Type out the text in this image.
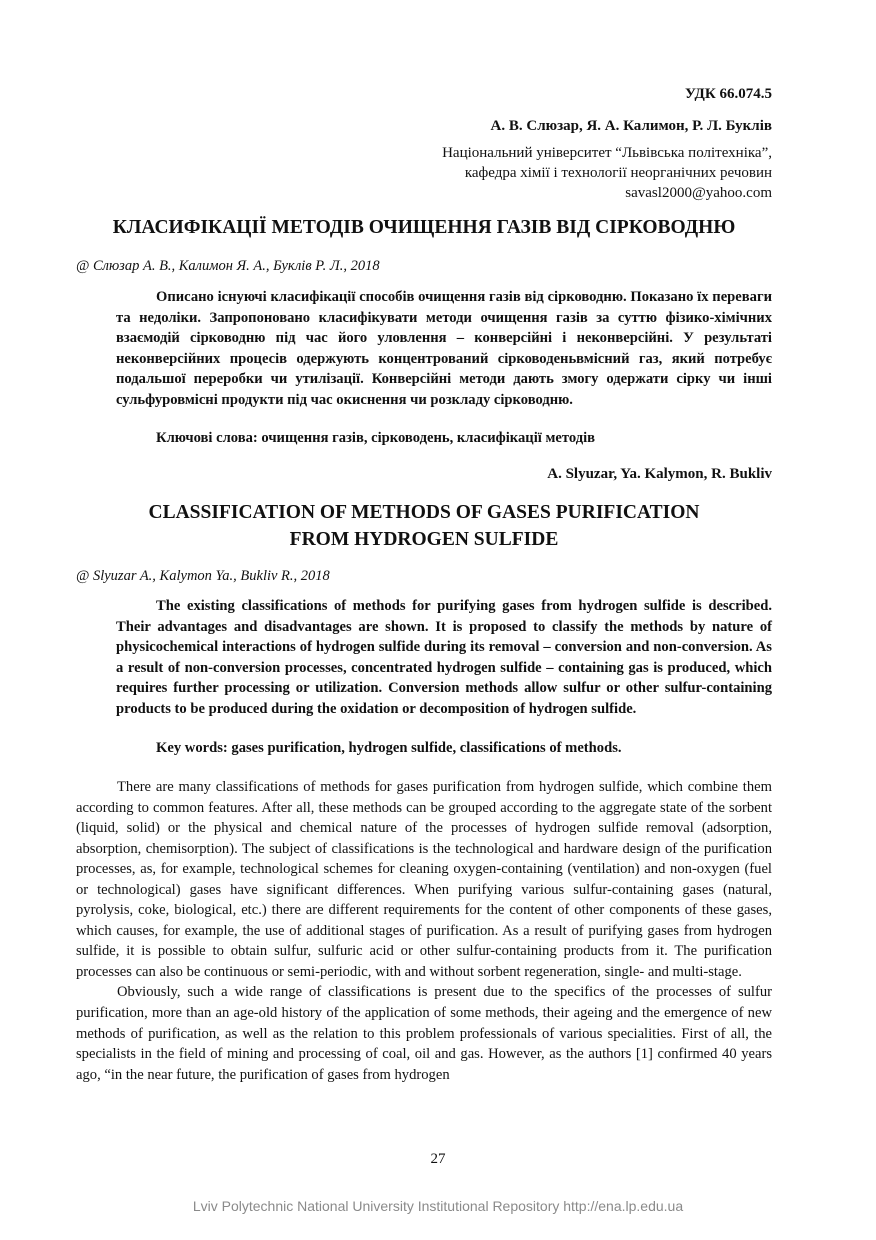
УДК 66.074.5
А. В. Слюзар, Я. А. Калимон, Р. Л. Буклів
Національний університет “Львівська політехніка”,
кафедра хімії і технології неорганічних речовин
savasl2000@yahoo.com
КЛАСИФІКАЦІЇ МЕТОДІВ ОЧИЩЕННЯ ГАЗІВ ВІД СІРКОВОДНЮ
@ Слюзар А. В., Калимон Я. А., Буклів Р. Л., 2018
Описано існуючі класифікації способів очищення газів від сірководню. Показано їх переваги та недоліки. Запропоновано класифікувати методи очищення газів за суттю фізико-хімічних взаємодій сірководню під час його уловлення – конверсійні і неконверсійні. У результаті неконверсійних процесів одержують концентрований сірководеньвмісний газ, який потребує подальшої переробки чи утилізації. Конверсійні методи дають змогу одержати сірку чи інші сульфуровмісні продукти під час окиснення чи розкладу сірководню.
Ключові слова: очищення газів, сірководень, класифікації методів
A. Slyuzar, Ya. Kalymon, R. Bukliv
CLASSIFICATION OF METHODS OF GASES PURIFICATION
FROM HYDROGEN SULFIDE
@ Slyuzar A., Kalymon Ya., Bukliv R., 2018
The existing classifications of methods for purifying gases from hydrogen sulfide is described. Their advantages and disadvantages are shown. It is proposed to classify the methods by nature of physicochemical interactions of hydrogen sulfide during its removal – conversion and non-conversion. As a result of non-conversion processes, concentrated hydrogen sulfide – containing gas is produced, which requires further processing or utilization. Conversion methods allow sulfur or other sulfur-containing products to be produced during the oxidation or decomposition of hydrogen sulfide.
Key words: gases purification, hydrogen sulfide, classifications of methods.

There are many classifications of methods for gases purification from hydrogen sulfide, which combine them according to common features. After all, these methods can be grouped according to the aggregate state of the sorbent (liquid, solid) or the physical and chemical nature of the processes of hydrogen sulfide removal (adsorption, absorption, chemisorption). The subject of classifications is the technological and hardware design of the purification processes, as, for example, technological schemes for cleaning oxygen-containing (ventilation) and non-oxygen (fuel or technological) gases have significant differences. When purifying various sulfur-containing gases (natural, pyrolysis, coke, biological, etc.) there are different requirements for the content of other components of these gases, which causes, for example, the use of additional stages of purification. As a result of purifying gases from hydrogen sulfide, it is possible to obtain sulfur, sulfuric acid or other sulfur-containing products from it. The purification processes can also be continuous or semi-periodic, with and without sorbent regeneration, single- and multi-stage.

Obviously, such a wide range of classifications is present due to the specifics of the processes of sulfur purification, more than an age-old history of the application of some methods, their ageing and the emergence of new methods of purification, as well as the relation to this problem professionals of various specialities. First of all, the specialists in the field of mining and processing of coal, oil and gas. However, as the authors [1] confirmed 40 years ago, “in the near future, the purification of gases from hydrogen

27
Lviv Polytechnic National University Institutional Repository http://ena.lp.edu.ua
